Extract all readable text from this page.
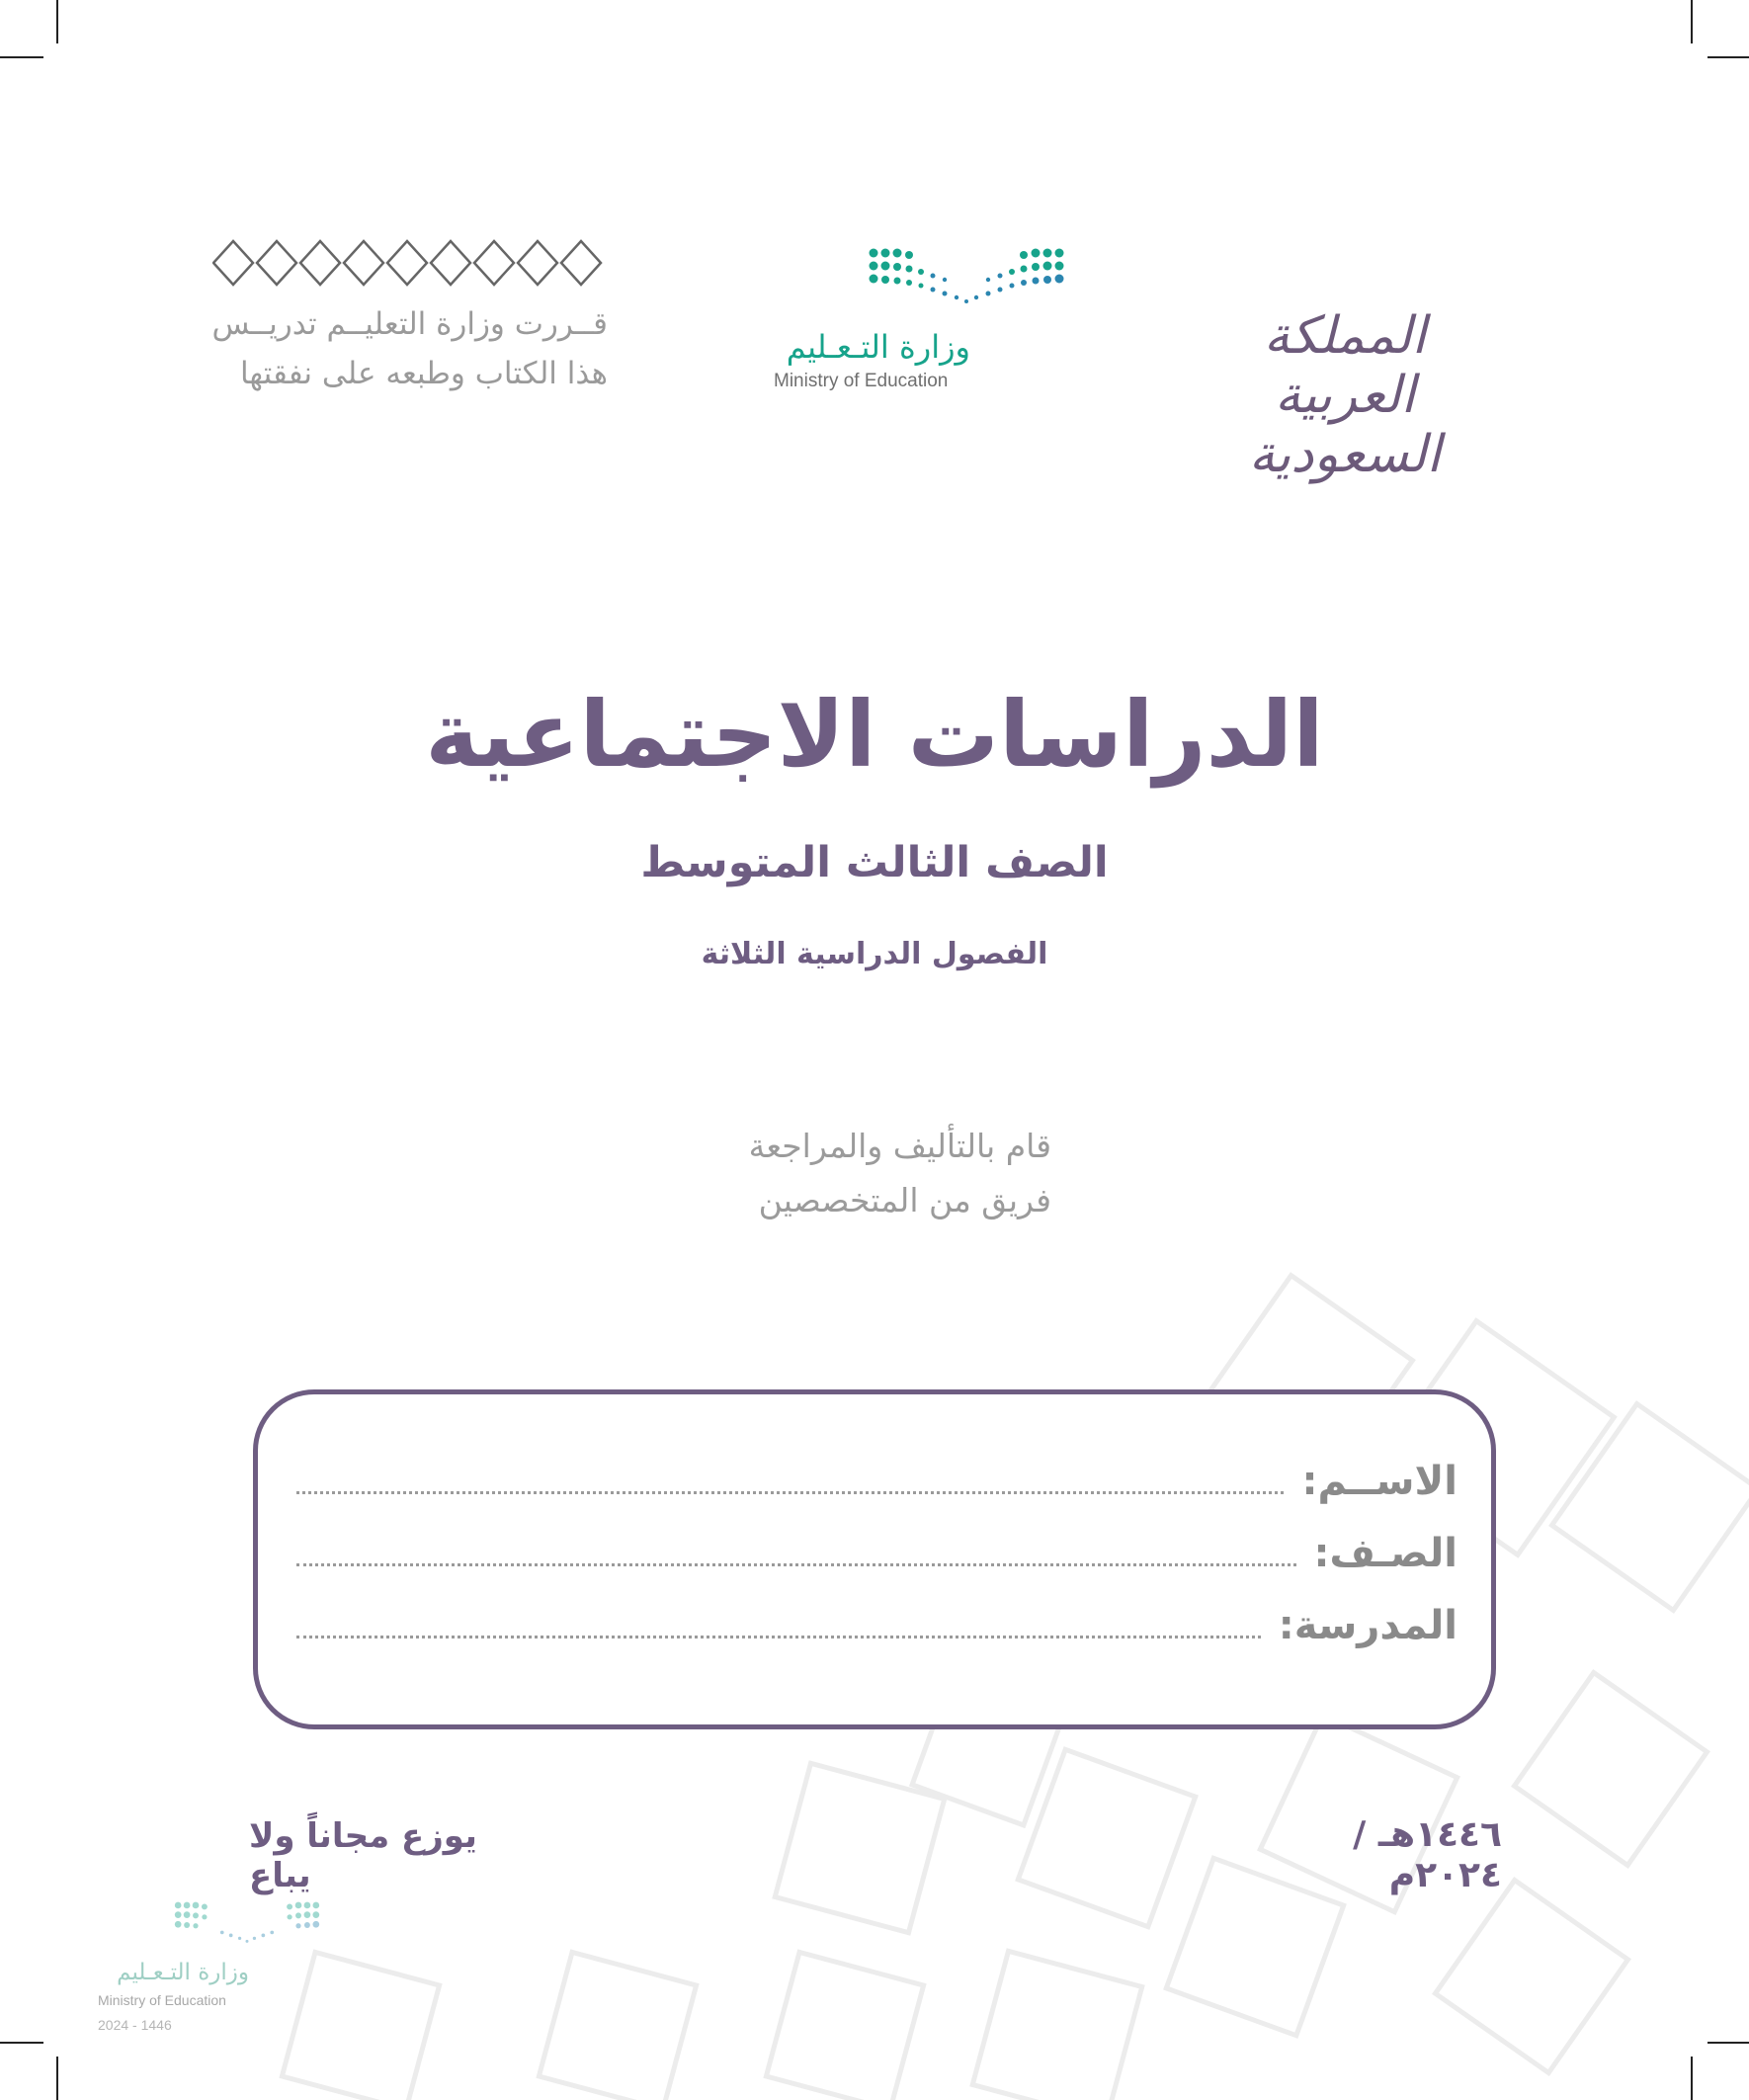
قــررت وزارة التعليــم تدريــس
هذا الكتاب وطبعه على نفقتها
وزارة التـعـليم
Ministry of Education
المملكة العربية السعودية
الدراسات الاجتماعية
الصف الثالث المتوسط
الفصول الدراسية الثلاثة
قام بالتأليف والمراجعة
فريق من المتخصصين
الاســم:
الصـف:
المدرسة:
يوزع مجاناً ولا يباع
١٤٤٦هـ / ٢٠٢٤م
وزارة التـعـليم
Ministry of Education
2024 - 1446
